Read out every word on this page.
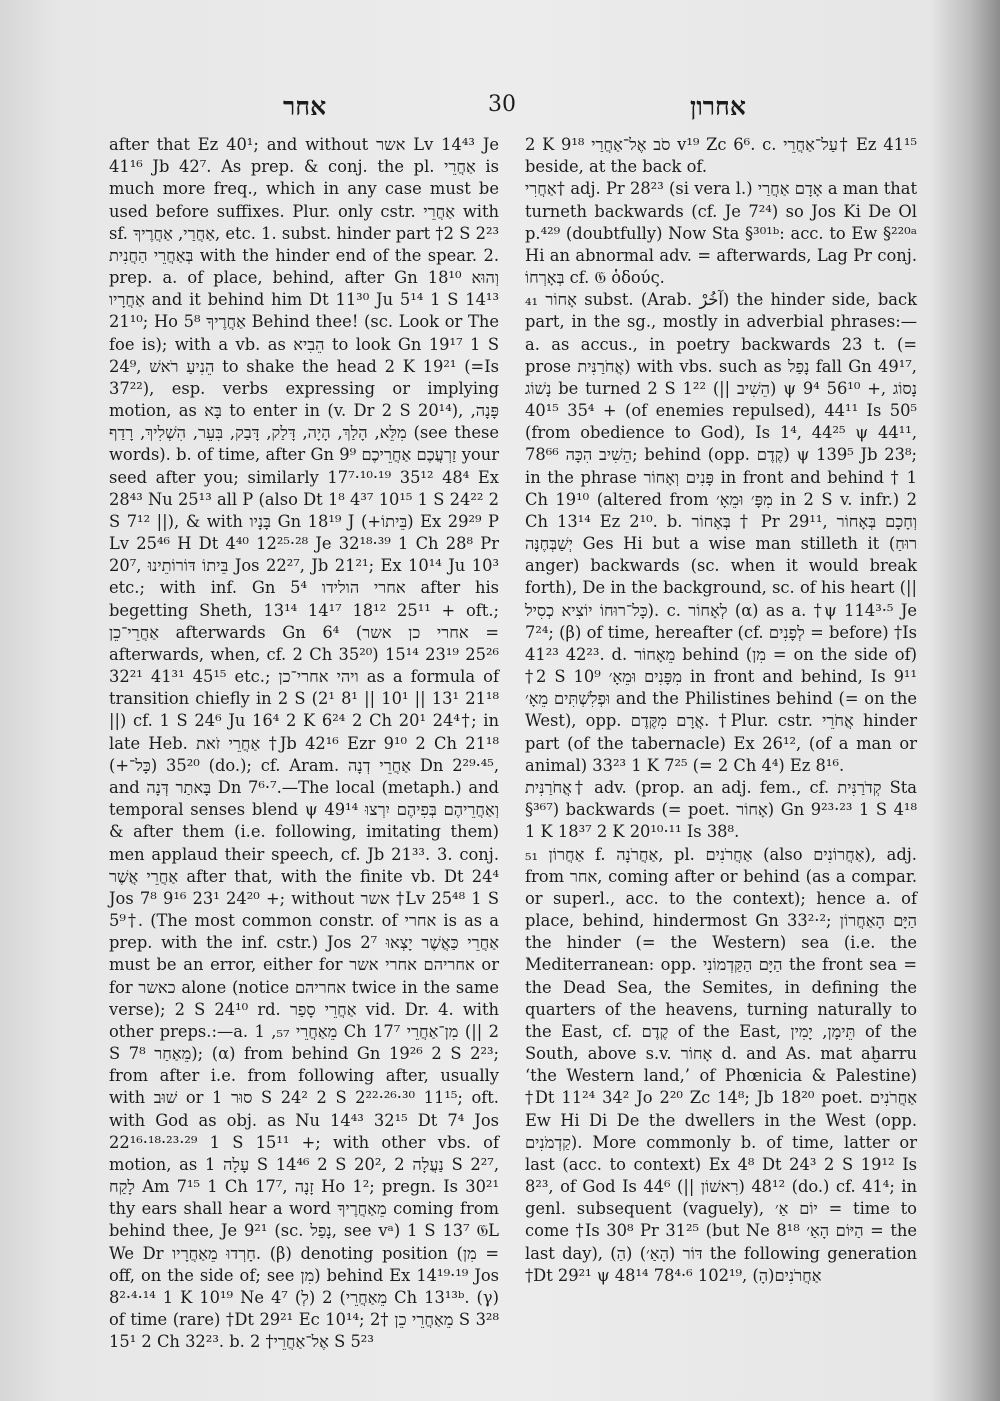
אחר	30	אחרון

after that Ez 40¹; and without אשר Lv 14⁴³ Je 41¹⁶ Jb 42⁷. As prep. & conj. the pl. אַחֲרֵי is much more freq., which in any case must be used before suffixes. Plur. only cstr. אַחֲרֵי with sf. אַחֲרַי, אַחֲרֶיךָ, etc. 1. subst. hinder part †2 S 2²³ בְּאַחֲרֵי הַחֲנִית with the hinder end of the spear. 2. prep. a. of place, behind, after Gn 18¹⁰ וְהוּא אַחֲרָיו and it behind him Dt 11³⁰ Ju 5¹⁴ 1 S 14¹³ 21¹⁰; Ho 5⁸ אַחֲרֶיךָ Behind thee! (sc. Look or The foe is); with a vb. as הֵבִיא to look Gn 19¹⁷ 1 S 24⁹, הֵנִיעַ רֹאשׁ to shake the head 2 K 19²¹ (=Is 37²²), esp. verbs expressing or implying motion, as בָּא to enter in (v. Dr 2 S 20¹⁴), פָּנָה, מִלֵּא, הָלַךְ, הָיָה, דָּלַק, דָּבַק, בִּעֵר, הִשְׁלִיךְ, רָדַף (see these words). b. of time, after Gn 9⁹ זַרְעֲכֶם אַחֲרֵיכֶם your seed after you; similarly 17⁷·¹⁰·¹⁹ 35¹² 48⁴ Ex 28⁴³ Nu 25¹³ all P (also Dt 1⁸ 4³⁷ 10¹⁵ 1 S 24²² 2 S 7¹² ||), & with בָּנָיו Gn 18¹⁹ J (+בֵּיתוֹ) Ex 29²⁹ P Lv 25⁴⁶ H Dt 4⁴⁰ 12²⁵·²⁸ Je 32¹⁸·³⁹ 1 Ch 28⁸ Pr 20⁷, בֵּיתוֹ דּוֹרוֹתֵינוּ Jos 22²⁷, Jb 21²¹; Ex 10¹⁴ Ju 10³ etc.; with inf. Gn 5⁴ אחרי הולידו after his begetting Sheth, 13¹⁴ 14¹⁷ 18¹² 25¹¹ + oft.; אַחֲרֵי־כֵן afterwards Gn 6⁴ (אחרי כן אשר = afterwards, when, cf. 2 Ch 35²⁰) 15¹⁴ 23¹⁹ 25²⁶ 32²¹ 41³¹ 45¹⁵ etc.; ויהי אחרי־כן as a formula of transition chiefly in 2 S (2¹ 8¹ || 10¹ || 13¹ 21¹⁸ ||) cf. 1 S 24⁶ Ju 16⁴ 2 K 6²⁴ 2 Ch 20¹ 24⁴†; in late Heb. אַחֲרֵי זֹאת †Jb 42¹⁶ Ezr 9¹⁰ 2 Ch 21¹⁸ (+כָּל־) 35²⁰ (do.); cf. Aram. אַחֲרֵי דְנָה Dn 2²⁹·⁴⁵, and בָּאתַר דְּנָה Dn 7⁶·⁷.—The local (metaph.) and temporal senses blend ψ 49¹⁴ וְאַחֲרֵיהֶם בְּפִיהֶם יִרְצוּ & after them (i.e. following, imitating them) men applaud their speech, cf. Jb 21³³. 3. conj. אַחֲרֵי אֲשֶׁר after that, with the finite vb. Dt 24⁴ Jos 7⁸ 9¹⁶ 23¹ 24²⁰ +; without אשר †Lv 25⁴⁸ 1 S 5⁹†. (The most common constr. of אחרי is as a prep. with the inf. cstr.) Jos 2⁷ אַחֲרֵי כַּאֲשֶׁר יָצְאוּ must be an error, either for אחריהם אחרי אשר or for כאשר alone (notice אחריהם twice in the same verse); 2 S 24¹⁰ rd. אַחֲרֵי סָפַר vid. Dr. 4. with other preps.:—a. מֵאַחֲרֵי ₅₇, 1 Ch 17⁷ מִן־אַחֲרֵי (|| 2 S 7⁸ מֵאַחַר); (α) from behind Gn 19²⁶ 2 S 2²³; from after i.e. from following after, usually with שׁוּב or סוּר 1 S 24² 2 S 2²²·²⁶·³⁰ 11¹⁵; oft. with God as obj. as Nu 14⁴³ 32¹⁵ Dt 7⁴ Jos 22¹⁶·¹⁸·²³·²⁹ 1 S 15¹¹ +; with other vbs. of motion, as עָלָה 1 S 14⁴⁶ 2 S 20², נַעֲלָה 2 S 2²⁷, לָקַח Am 7¹⁵ 1 Ch 17⁷, זָנָה Ho 1²; pregn. Is 30²¹ thy ears shall hear a word מֵאַחֲרֶיךָ coming from behind thee, Je 9²¹ (sc. נָפַל, see vᵃ) 1 S 13⁷ 𝔊L We Dr חָרְדוּ מֵאַחֲרָיו. (β) denoting position (מִן = off, on the side of; see מִן) behind Ex 14¹⁹·¹⁹ Jos 8²·⁴·¹⁴ 1 K 10¹⁹ Ne 4⁷ (לְ) מֵאַחֲרֵי) 2 Ch 13¹³ᵇ. (γ) of time (rare) †Dt 29²¹ Ec 10¹⁴; מֵאַחֲרֵי כֵן †2 S 3²⁸ 15¹ 2 Ch 32²³. b. אֶל־אַחֲרֵי† 2 S 5²³

2 K 9¹⁸ סֹב אֶל־אַחֲרַי v¹⁹ Zc 6⁶. c. עַל־אַחֲרֵי† Ez 41¹⁵ beside, at the back of.

אַחֲרִי† adj. Pr 28²³ (si vera l.) אָדָם אַחֲרַי a man that turneth backwards (cf. Je 7²⁴) so Jos Ki De Ol p.⁴²⁹ (doubtfully) Now Sta §³⁰¹ᵇ: acc. to Ew §²²⁰ᵃ Hi an abnormal adv. = afterwards, Lag Pr conj. בְּאָרְחוֹ cf. 𝔊 ὁδούς.

אָחוֹר ₄₁ subst. (Arab. آخُرْ) the hinder side, back part, in the sg., mostly in adverbial phrases:—a. as accus., in poetry backwards 23 t. (= prose אֲחֹרַנִּית) with vbs. such as נָפַל fall Gn 49¹⁷, נָשׁוֹג be turned 2 S 1²² (|| הֵשִׁיב) ψ 9⁴ 56¹⁰ +, נָסוֹג 35⁴ 40¹⁵ + (of enemies repulsed), 44¹¹ Is 50⁵ (from obedience to God), Is 1⁴, 44²⁵ ψ 44¹¹, הֵשִׁיב הִכָּה 78⁶⁶; behind (opp. קֶדֶם) ψ 139⁵ Jb 23⁸; in the phrase פָּנִים וְאָחוֹר in front and behind † 1 Ch 19¹⁰ (altered from מִפָּ׳ וּמֵאָ׳ in 2 S v. infr.) 2 Ch 13¹⁴ Ez 2¹⁰. b. בְּאָחוֹר † Pr 29¹¹, וְחָכָם בְּאָחוֹר יְשַׁבְּחֶנָּה Ges Hi but a wise man stilleth it (רוּחַ anger) backwards (sc. when it would break forth), De in the background, sc. of his heart (|| כָּל־רוּחוֹ יוֹצִיא כְסִיל). c. לְאָחוֹר (α) as a. †ψ 114³·⁵ Je 7²⁴; (β) of time, hereafter (cf. לְפָנִים = before) †Is 41²³ 42²³. d. מֵאָחוֹר behind (מִן = on the side of) †2 S 10⁹ מִפָּנִים וּמֵאָ׳ in front and behind, Is 9¹¹ וּפְלִשְׁתִּים מֵאָ׳ and the Philistines behind (= on the West), opp. אֲרָם מִקֶּדֶם. †Plur. cstr. אֲחֹרֵי hinder part (of the tabernacle) Ex 26¹², (of a man or animal) 33²³ 1 K 7²⁵ (= 2 Ch 4⁴) Ez 8¹⁶.

אֲחֹרַנִּית† adv. (prop. an adj. fem., cf. קְדֹרַנִּית Sta §³⁶⁷) backwards (= poet. אָחוֹר) Gn 9²³·²³ 1 S 4¹⁸ 1 K 18³⁷ 2 K 20¹⁰·¹¹ Is 38⁸.

אַחֲרוֹן ₅₁ f. אַחֲרֹנָה, pl. אַחֲרֹנִים (also אַחֲרוֹנִים), adj. from אחר, coming after or behind (as a compar. or superl., acc. to the context); hence a. of place, behind, hindermost Gn 33²·²; הַיָּם הָאַחֲרוֹן the hinder (= the Western) sea (i.e. the Mediterranean: opp. הַיָּם הַקַּדְמוֹנִי the front sea = the Dead Sea, the Semites, in defining the quarters of the heavens, turning naturally to the East, cf. קֶדֶם of the East, תֵּימָן, יָמִין of the South, above s.v. אָחוֹר d. and As. mat aḫarru ‘the Western land,’ of Phœnicia & Palestine) †Dt 11²⁴ 34² Jo 2²⁰ Zc 14⁸; Jb 18²⁰ poet. אַחֲרֹנִים Ew Hi Di De the dwellers in the West (opp. קַדְמֹנִים). More commonly b. of time, latter or last (acc. to context) Ex 4⁸ Dt 24³ 2 S 19¹² Is 8²³, of God Is 44⁶ (|| רִאשׁוֹן) 48¹² (do.) cf. 41⁴; in genl. subsequent (vaguely), יוֹם אַ׳ = time to come †Is 30⁸ Pr 31²⁵ (but Ne 8¹⁸ הַיּוֹם הָאַ׳ = the last day), (הַ) דּוֹר (הָאַ׳) the following generation †Dt 29²¹ ψ 48¹⁴ 78⁴·⁶ 102¹⁹, (הָ)אַחֲרֹנִים
